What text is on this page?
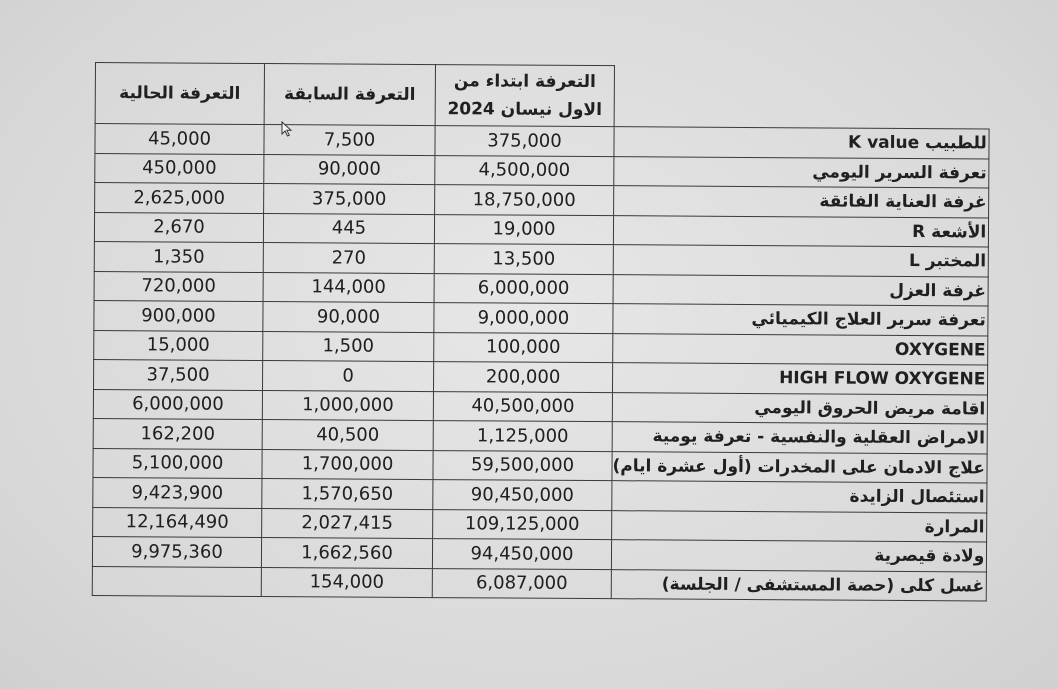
التعرفة الحالية	التعرفة السابقة	التعرفة ابتداء من
الاول نيسان 2024	
45,000	7,500	375,000	للطبيب K value
450,000	90,000	4,500,000	تعرفة السرير اليومي
2,625,000	375,000	18,750,000	غرفة العناية الفائقة
2,670	445	19,000	الأشعة R
1,350	270	13,500	المختبر L
720,000	144,000	6,000,000	غرفة العزل
900,000	90,000	9,000,000	تعرفة سرير العلاج الكيميائي
15,000	1,500	100,000	OXYGENE
37,500	0	200,000	HIGH FLOW OXYGENE
6,000,000	1,000,000	40,500,000	اقامة مريض الحروق اليومي
162,200	40,500	1,125,000	الامراض العقلية والنفسية - تعرفة يومية
5,100,000	1,700,000	59,500,000	علاج الادمان على المخدرات (أول عشرة ايام)
9,423,900	1,570,650	90,450,000	استئصال الزايدة
12,164,490	2,027,415	109,125,000	المرارة
9,975,360	1,662,560	94,450,000	ولادة قيصرية
	154,000	6,087,000	غسل كلى (حصة المستشفى / الجلسة)
